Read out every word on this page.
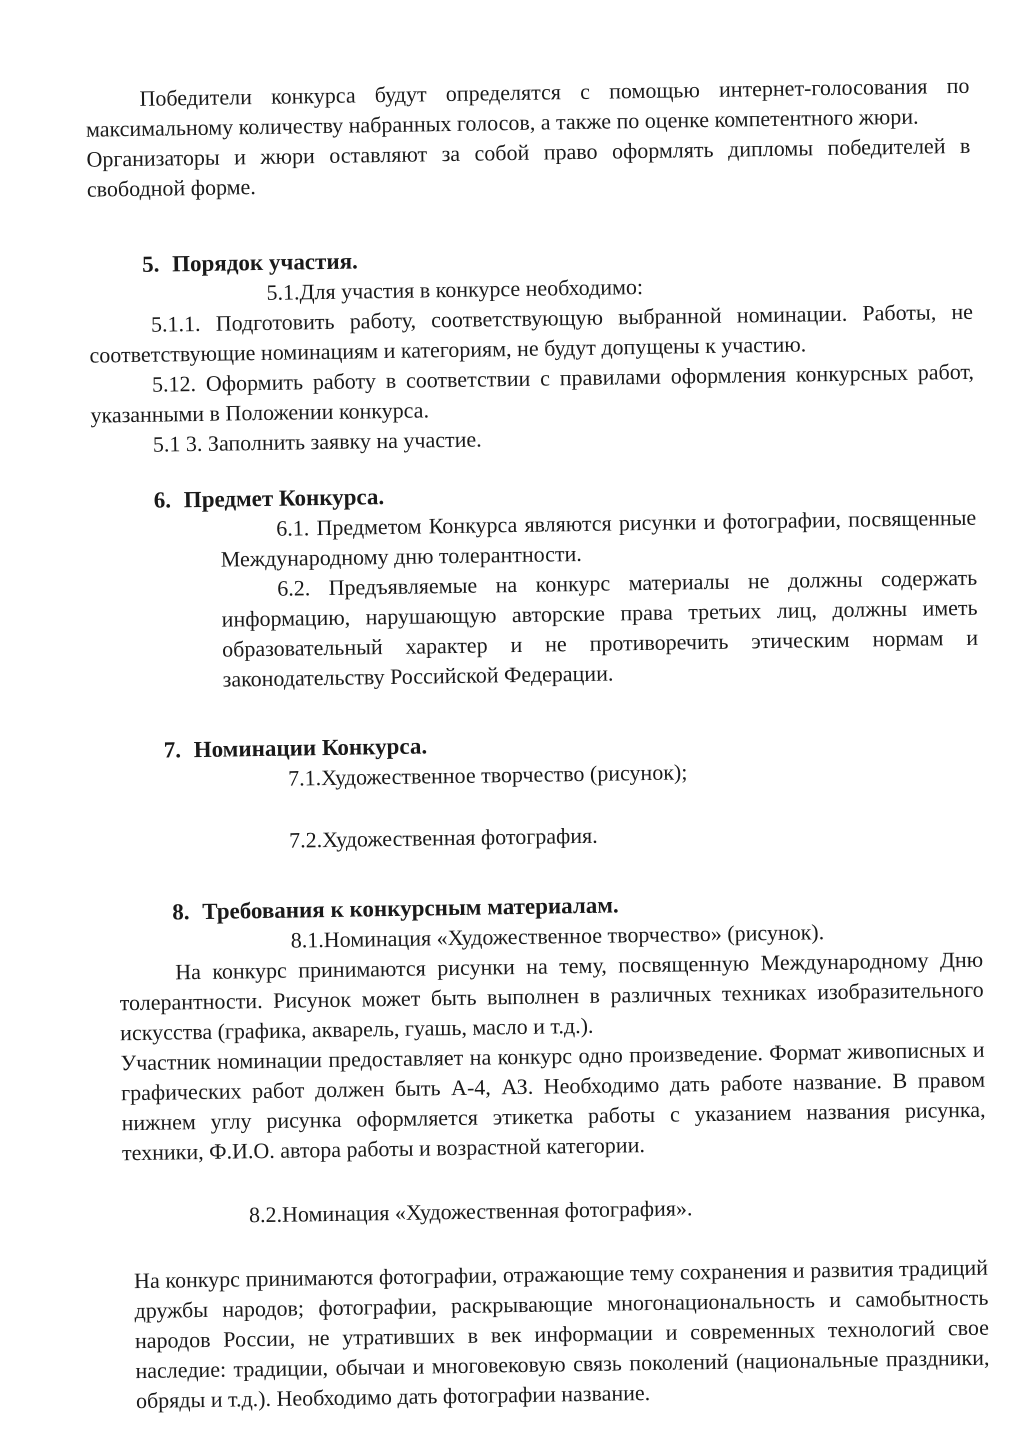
Победители конкурса будут определятся с помощью интернет-голосования по максимальному количеству набранных голосов, а также по оценке компетентного жюри.

Организаторы и жюри оставляют за собой право оформлять дипломы победителей в свободной форме.

5. Порядок участия.

5.1.Для участия в конкурсе необходимо:

5.1.1. Подготовить работу, соответствующую выбранной номинации. Работы, не соответствующие номинациям и категориям, не будут допущены к участию.

5.12. Оформить работу в соответствии с правилами оформления конкурсных работ, указанными в Положении конкурса.

5.1 3. Заполнить заявку на участие.

6. Предмет Конкурса.

6.1. Предметом Конкурса являются рисунки и фотографии, посвященные Международному дню толерантности.

6.2. Предъявляемые на конкурс материалы не должны содержать информацию, нарушающую авторские права третьих лиц, должны иметь образовательный характер и не противоречить этическим нормам и законодательству Российской Федерации.

7. Номинации Конкурса.

7.1.Художественное творчество (рисунок);

7.2.Художественная фотография.

8. Требования к конкурсным материалам.

8.1.Номинация «Художественное творчество» (рисунок).

На конкурс принимаются рисунки на тему, посвященную Международному Дню толерантности. Рисунок может быть выполнен в различных техниках изобразительного искусства (графика, акварель, гуашь, масло и т.д.).

Участник номинации предоставляет на конкурс одно произведение. Формат живописных и графических работ должен быть А-4, АЗ. Необходимо дать работе название. В правом нижнем углу рисунка оформляется этикетка работы с указанием названия рисунка, техники, Ф.И.О. автора работы и возрастной категории.

8.2.Номинация «Художественная фотография».

На конкурс принимаются фотографии, отражающие тему сохранения и развития традиций дружбы народов; фотографии, раскрывающие многонациональность и самобытность народов России, не утративших в век информации и современных технологий свое наследие: традиции, обычаи и многовековую связь поколений (национальные праздники, обряды и т.д.). Необходимо дать фотографии название.
